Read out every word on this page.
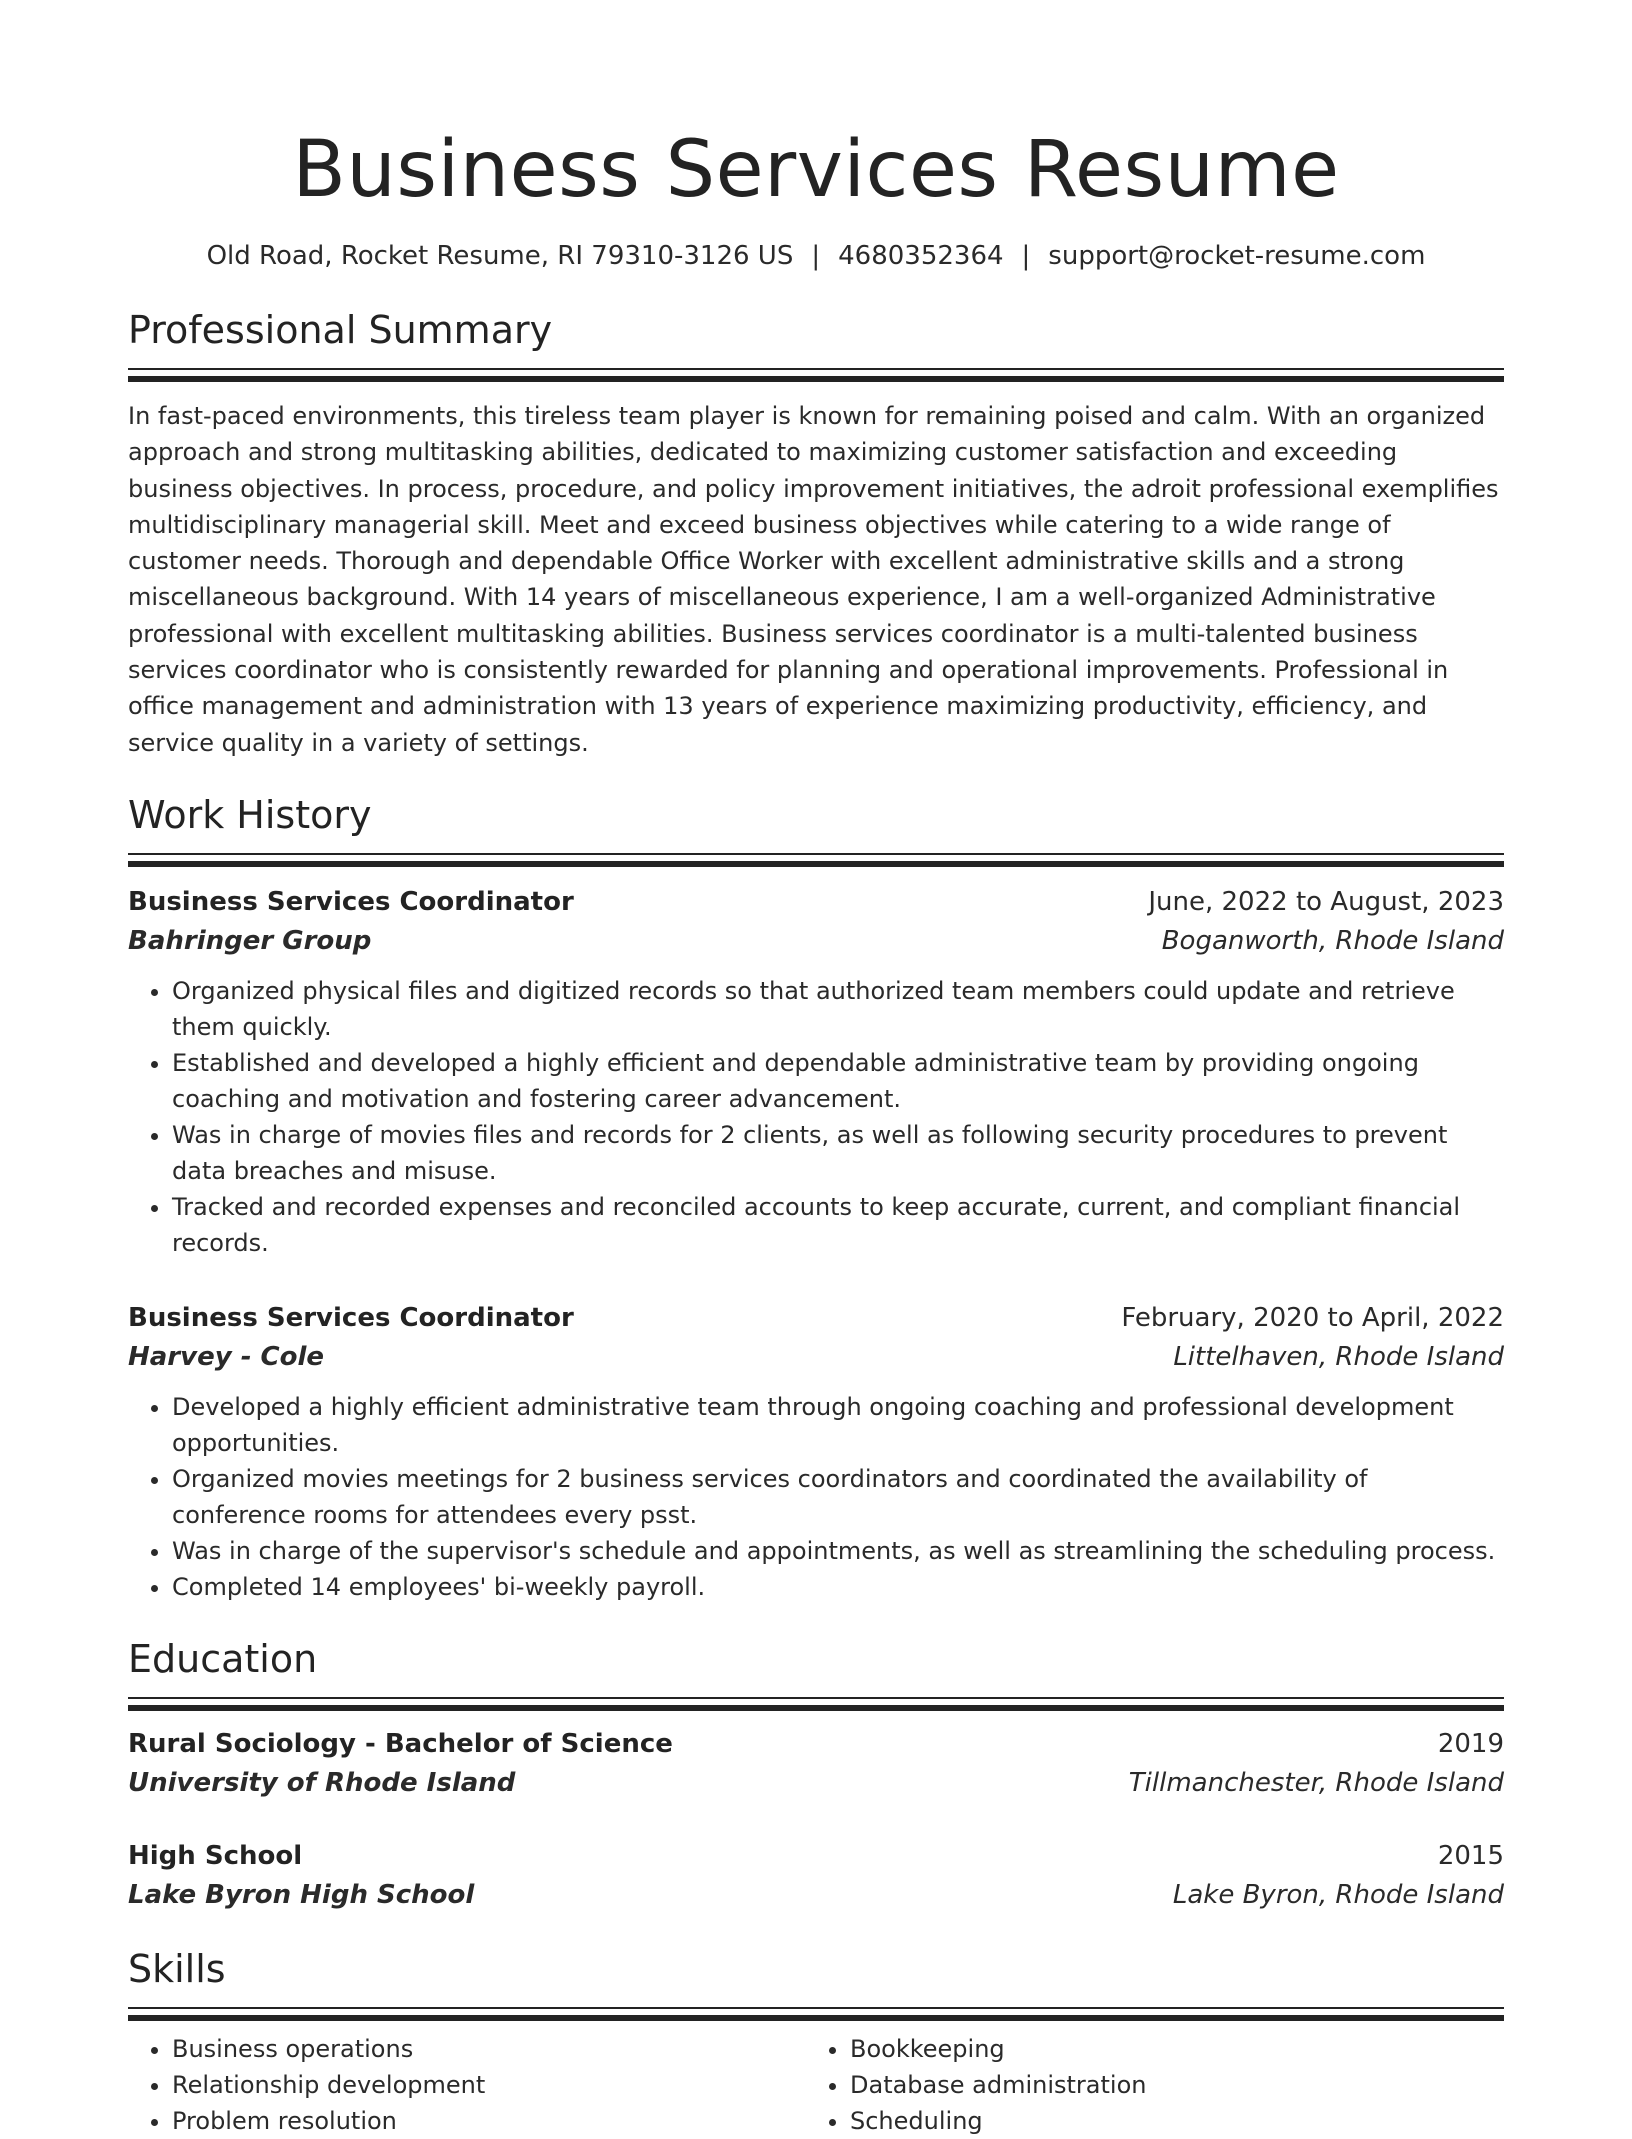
Business Services Resume
Old Road, Rocket Resume, RI 79310-3126 US | 4680352364 | support@rocket-resume.com
Professional Summary
In fast-paced environments, this tireless team player is known for remaining poised and calm. With an organized approach and strong multitasking abilities, dedicated to maximizing customer satisfaction and exceeding business objectives. In process, procedure, and policy improvement initiatives, the adroit professional exemplifies multidisciplinary managerial skill. Meet and exceed business objectives while catering to a wide range of customer needs. Thorough and dependable Office Worker with excellent administrative skills and a strong miscellaneous background. With 14 years of miscellaneous experience, I am a well-organized Administrative professional with excellent multitasking abilities. Business services coordinator is a multi-talented business services coordinator who is consistently rewarded for planning and operational improvements. Professional in office management and administration with 13 years of experience maximizing productivity, efficiency, and service quality in a variety of settings.
Work History
Business Services Coordinator	June, 2022 to August, 2023
Bahringer Group	Boganworth, Rhode Island
• Organized physical files and digitized records so that authorized team members could update and retrieve them quickly.
• Established and developed a highly efficient and dependable administrative team by providing ongoing coaching and motivation and fostering career advancement.
• Was in charge of movies files and records for 2 clients, as well as following security procedures to prevent data breaches and misuse.
• Tracked and recorded expenses and reconciled accounts to keep accurate, current, and compliant financial records.
Business Services Coordinator	February, 2020 to April, 2022
Harvey - Cole	Littelhaven, Rhode Island
• Developed a highly efficient administrative team through ongoing coaching and professional development opportunities.
• Organized movies meetings for 2 business services coordinators and coordinated the availability of conference rooms for attendees every psst.
• Was in charge of the supervisor's schedule and appointments, as well as streamlining the scheduling process.
• Completed 14 employees' bi-weekly payroll.
Education
Rural Sociology - Bachelor of Science	2019
University of Rhode Island	Tillmanchester, Rhode Island
High School	2015
Lake Byron High School	Lake Byron, Rhode Island
Skills
• Business operations
• Relationship development
• Problem resolution
• Bookkeeping
• Database administration
• Scheduling
